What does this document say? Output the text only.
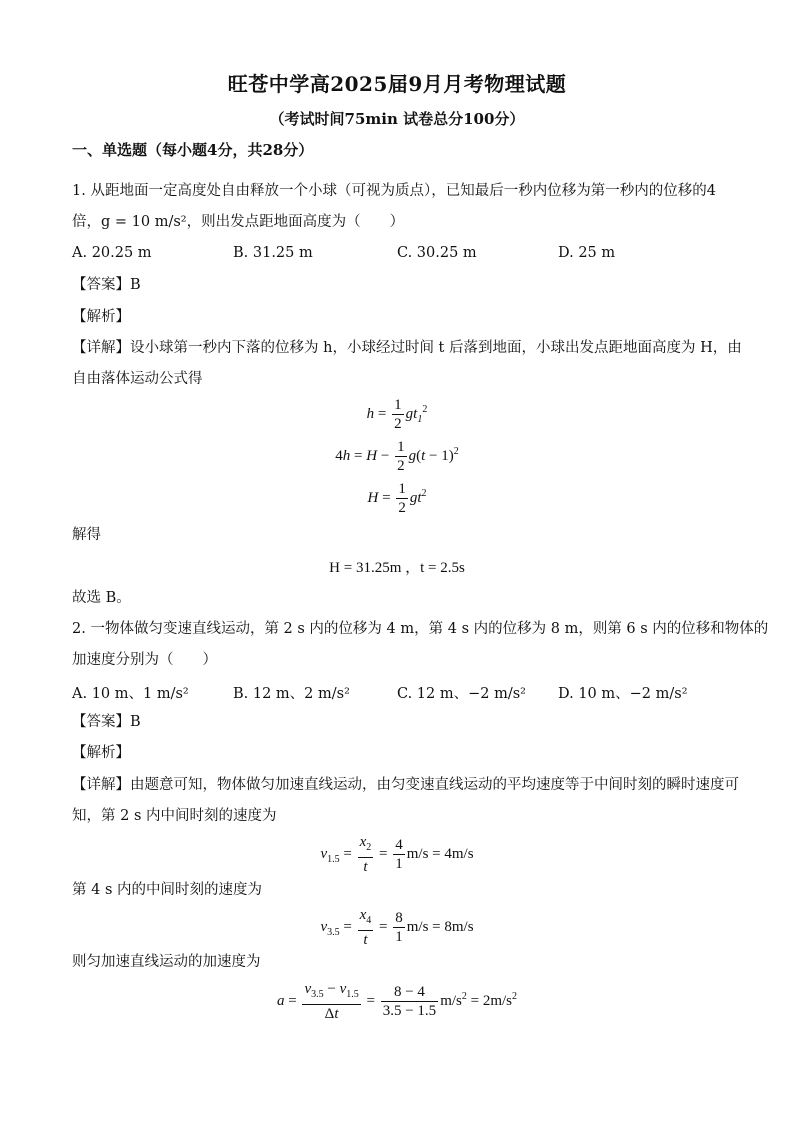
旺苍中学高2025届9月月考物理试题
（考试时间75min 试卷总分100分）
一、单选题（每小题4分，共28分）
1. 从距地面一定高度处自由释放一个小球（可视为质点），已知最后一秒内位移为第一秒内的位移的4
倍，g = 10 m/s²，则出发点距地面高度为（　　）
A. 20.25 m	B. 31.25 m	C. 30.25 m	D. 25 m
【答案】B
【解析】
【详解】设小球第一秒内下落的位移为 h，小球经过时间 t 后落到地面，小球出发点距地面高度为 H，由
自由落体运动公式得
$h = \frac{1}{2} gt_1^2$
$4h = H - \frac{1}{2} g(t - 1)^2$
$H = \frac{1}{2} gt^2$
解得
H = 31.25m ，t = 2.5s
故选 B。
2. 一物体做匀变速直线运动，第 2 s 内的位移为 4 m，第 4 s 内的位移为 8 m，则第 6 s 内的位移和物体的
加速度分别为（　　）
A. 10 m、1 m/s²	B. 12 m、2 m/s²	C. 12 m、−2 m/s² D. 10 m、−2 m/s²
【答案】B
【解析】
【详解】由题意可知，物体做匀加速直线运动，由匀变速直线运动的平均速度等于中间时刻的瞬时速度可
知，第 2 s 内中间时刻的速度为
$v_{1.5} = \frac{x_2}{t} = \frac{4}{1} m/s = 4m/s$
第 4 s 内的中间时刻的速度为
$v_{3.5} = \frac{x_4}{t} = \frac{8}{1} m/s = 8m/s$
则匀加速直线运动的加速度为
$a = \frac{v_{3.5} - v_{1.5}}{\Delta t} = \frac{8 - 4}{3.5 - 1.5} m/s^2 = 2m/s^2$
